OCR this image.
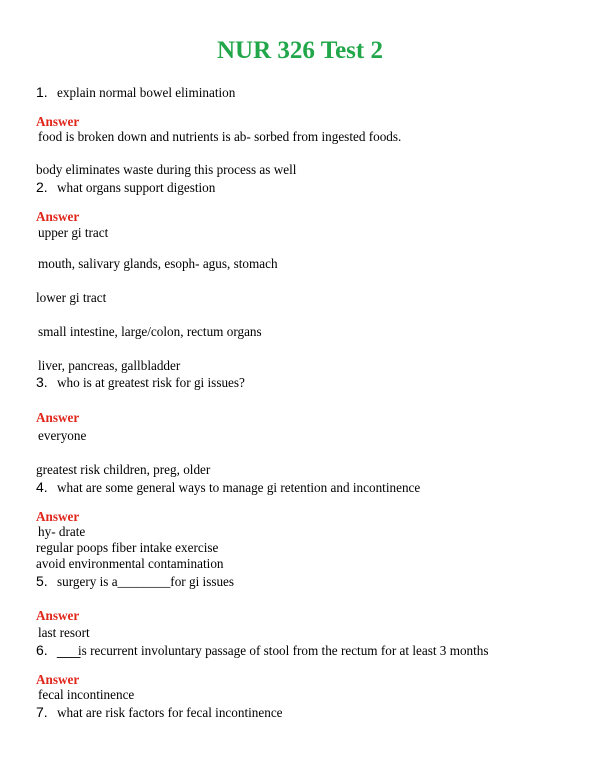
NUR 326 Test 2
1. explain normal bowel elimination
Answer
food is broken down and nutrients is ab- sorbed from ingested foods.
body eliminates waste during this process as well
2. what organs support digestion
Answer
upper gi tract
mouth, salivary glands, esoph- agus, stomach
lower gi tract
small intestine, large/colon, rectum organs
liver, pancreas, gallbladder
3. who is at greatest risk for gi issues?
Answer
everyone
greatest risk children, preg, older
4. what are some general ways to manage gi retention and incontinence
Answer
hy- drate
regular poops fiber intake exercise
avoid environmental contamination
5. surgery is a________for gi issues
Answer
last resort
6. ___
is recurrent involuntary passage of stool from the rectum for at least 3 months
Answer
fecal incontinence
7. what are risk factors for fecal incontinence
